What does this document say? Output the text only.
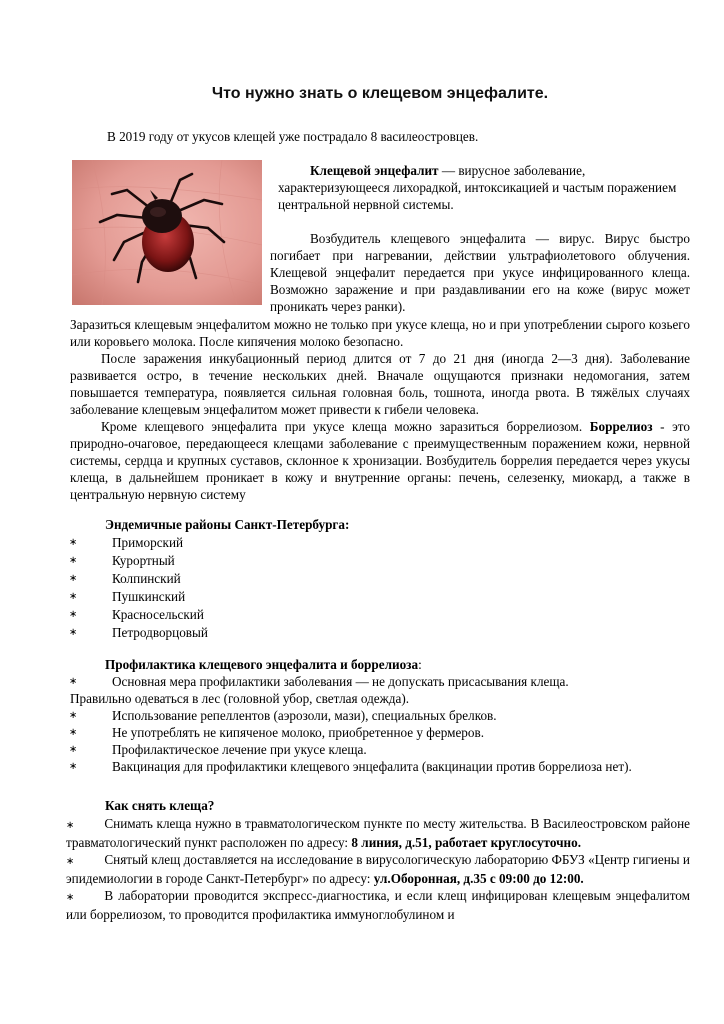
Что нужно знать о клещевом энцефалите.
В 2019 году от укусов клещей уже пострадало 8 василеостровцев.
Клещевой энцефалит — вирусное заболевание, характеризующееся лихорадкой, интоксикацией и частым поражением центральной нервной системы.

Возбудитель клещевого энцефалита — вирус. Вирус быстро погибает при нагревании, действии ультрафиолетового облучения. Клещевой энцефалит передается при укусе инфицированного клеща. Возможно заражение и при раздавливании его на коже (вирус может проникать через ранки).

Заразиться клещевым энцефалитом можно не только при укусе клеща, но и при употреблении сырого козьего или коровьего молока. После кипячения молоко безопасно.

После заражения инкубационный период длится от 7 до 21 дня (иногда 2—3 дня). Заболевание развивается остро, в течение нескольких дней. Вначале ощущаются признаки недомогания, затем повышается температура, появляется сильная головная боль, тошнота, иногда рвота. В тяжёлых случаях заболевание клещевым энцефалитом может привести к гибели человека.

Кроме клещевого энцефалита при укусе клеща можно заразиться боррелиозом. Боррелиоз - это природно-очаговое, передающееся клещами заболевание с преимущественным поражением кожи, нервной системы, сердца и крупных суставов, склонное к хронизации. Возбудитель боррелия передается через укусы клеща, в дальнейшем проникает в кожу и внутренние органы: печень, селезенку, миокард, а также в центральную нервную систему

Эндемичные районы Санкт-Петербурга:
∗	Приморский
∗	Курортный
∗	Колпинский
∗	Пушкинский
∗	Красносельский
∗	Петродворцовый
Профилактика клещевого энцефалита и боррелиоза:

∗	Основная мера профилактики заболевания — не допускать присасывания клеща.

Правильно одеваться в лес (головной убор, светлая одежда).

∗	Использование репеллентов (аэрозоли, мази), специальных брелков.

∗	Не употреблять не кипяченое молоко, приобретенное у фермеров.

∗	Профилактическое лечение при укусе клеща.

∗	Вакцинация для профилактики клещевого энцефалита (вакцинации против боррелиоза нет).

Как снять клеща?

∗ Снимать клеща нужно в травматологическом пункте по месту жительства. В Василеостровском районе травматологический пункт расположен по адресу: 8 линия, д.51, работает круглосуточно.

∗ Снятый клещ доставляется на исследование в вирусологическую лабораторию ФБУЗ «Центр гигиены и эпидемиологии в городе Санкт-Петербург» по адресу: ул.Оборонная, д.35 с 09:00 до 12:00.

∗ В лаборатории проводится экспресс-диагностика, и если клещ инфицирован клещевым энцефалитом или боррелиозом, то проводится профилактика иммуноглобулином и
